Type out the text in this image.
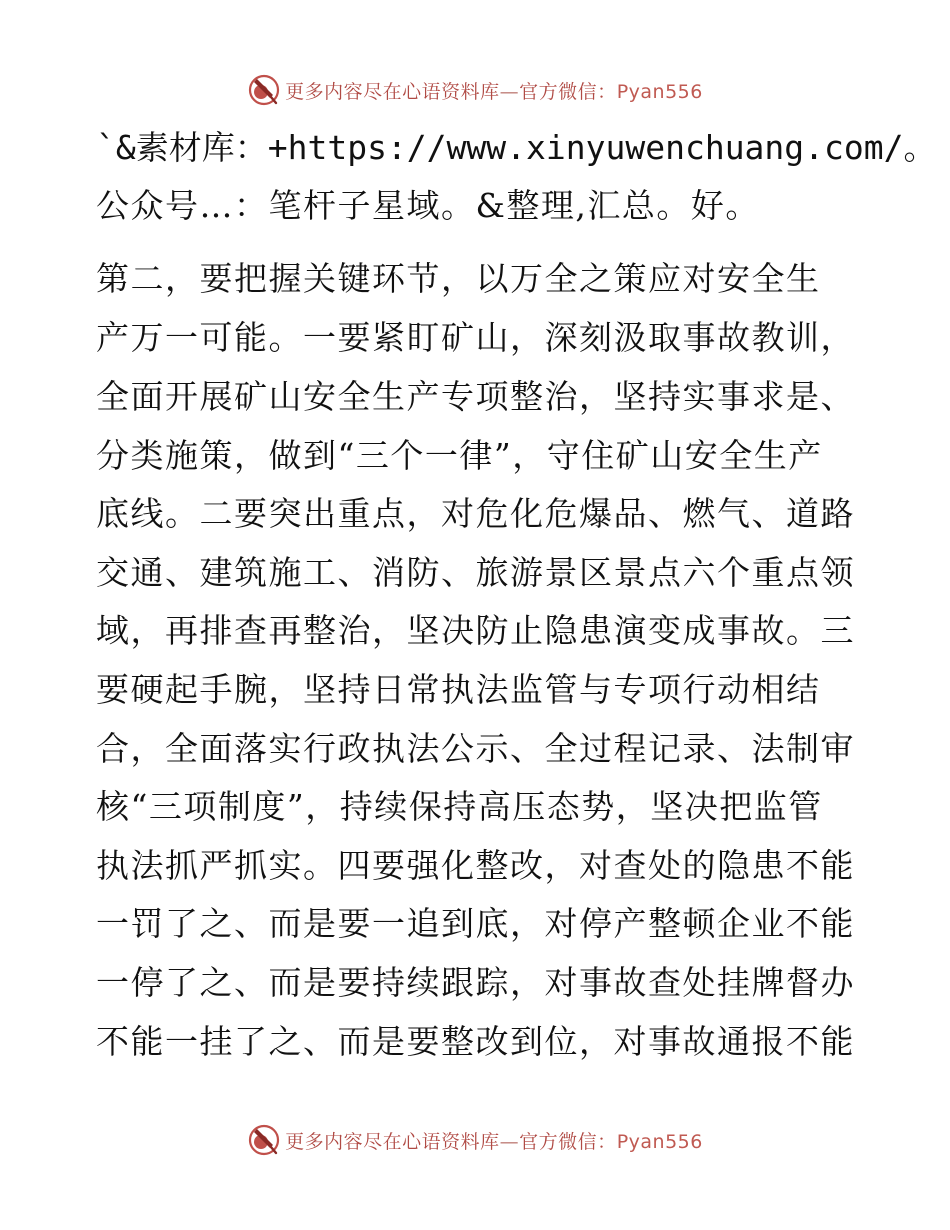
更多内容尽在心语资料库—官方微信：Pyan556
`&素材库：+https://www.xinyuwenchuang.com/。
公众号…：笔杆子星域。&整理,汇总。好。
第二，要把握关键环节，以万全之策应对安全生
产万一可能。一要紧盯矿山，深刻汲取事故教训，
全面开展矿山安全生产专项整治，坚持实事求是、
分类施策，做到“三个一律”，守住矿山安全生产
底线。二要突出重点，对危化危爆品、燃气、道路
交通、建筑施工、消防、旅游景区景点六个重点领
域，再排查再整治，坚决防止隐患演变成事故。三
要硬起手腕，坚持日常执法监管与专项行动相结
合，全面落实行政执法公示、全过程记录、法制审
核“三项制度”，持续保持高压态势，坚决把监管
执法抓严抓实。四要强化整改，对查处的隐患不能
一罚了之、而是要一追到底，对停产整顿企业不能
一停了之、而是要持续跟踪，对事故查处挂牌督办
不能一挂了之、而是要整改到位，对事故通报不能
更多内容尽在心语资料库—官方微信：Pyan556
